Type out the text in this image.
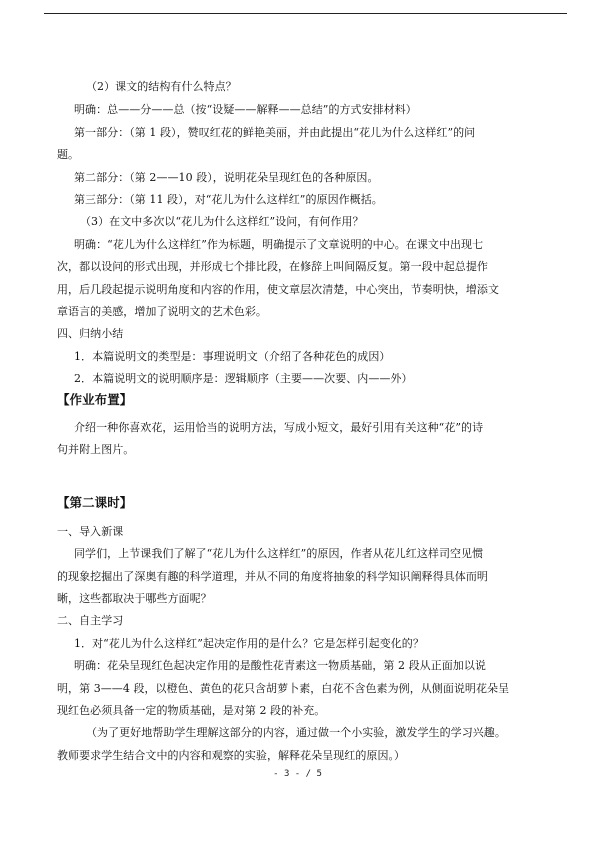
（2）课文的结构有什么特点？
明确：总——分——总（按“设疑——解释——总结”的方式安排材料）
第一部分：（第 1 段），赞叹红花的鲜艳美丽，并由此提出“花儿为什么这样红”的问
题。
第二部分：（第 2——10 段），说明花朵呈现红色的各种原因。
第三部分：（第 11 段），对“花儿为什么这样红”的原因作概括。
（3）在文中多次以“花儿为什么这样红”设问，有何作用？
明确：“花儿为什么这样红”作为标题，明确提示了文章说明的中心。在课文中出现七
次，都以设问的形式出现，并形成七个排比段，在修辞上叫间隔反复。第一段中起总提作
用，后几段起提示说明角度和内容的作用，使文章层次清楚，中心突出，节奏明快，增添文
章语言的美感，增加了说明文的艺术色彩。
四、归纳小结
1．本篇说明文的类型是：事理说明文（介绍了各种花色的成因）
2．本篇说明文的说明顺序是：逻辑顺序（主要——次要、内——外）
【作业布置】
介绍一种你喜欢花，运用恰当的说明方法，写成小短文，最好引用有关这种“花”的诗
句并附上图片。
【第二课时】
一、导入新课
同学们，上节课我们了解了“花儿为什么这样红”的原因，作者从花儿红这样司空见惯
的现象挖掘出了深奥有趣的科学道理，并从不同的角度将抽象的科学知识阐释得具体而明
晰，这些都取决于哪些方面呢？
二、自主学习
1．对“花儿为什么这样红”起决定作用的是什么？它是怎样引起变化的？
明确：花朵呈现红色起决定作用的是酸性花青素这一物质基础，第 2 段从正面加以说
明，第 3——4 段，以橙色、黄色的花只含胡萝卜素，白花不含色素为例，从侧面说明花朵呈
现红色必须具备一定的物质基础，是对第 2 段的补充。
（为了更好地帮助学生理解这部分的内容，通过做一个小实验，激发学生的学习兴趣。
教师要求学生结合文中的内容和观察的实验，解释花朵呈现红的原因。）
- 3 - / 5
